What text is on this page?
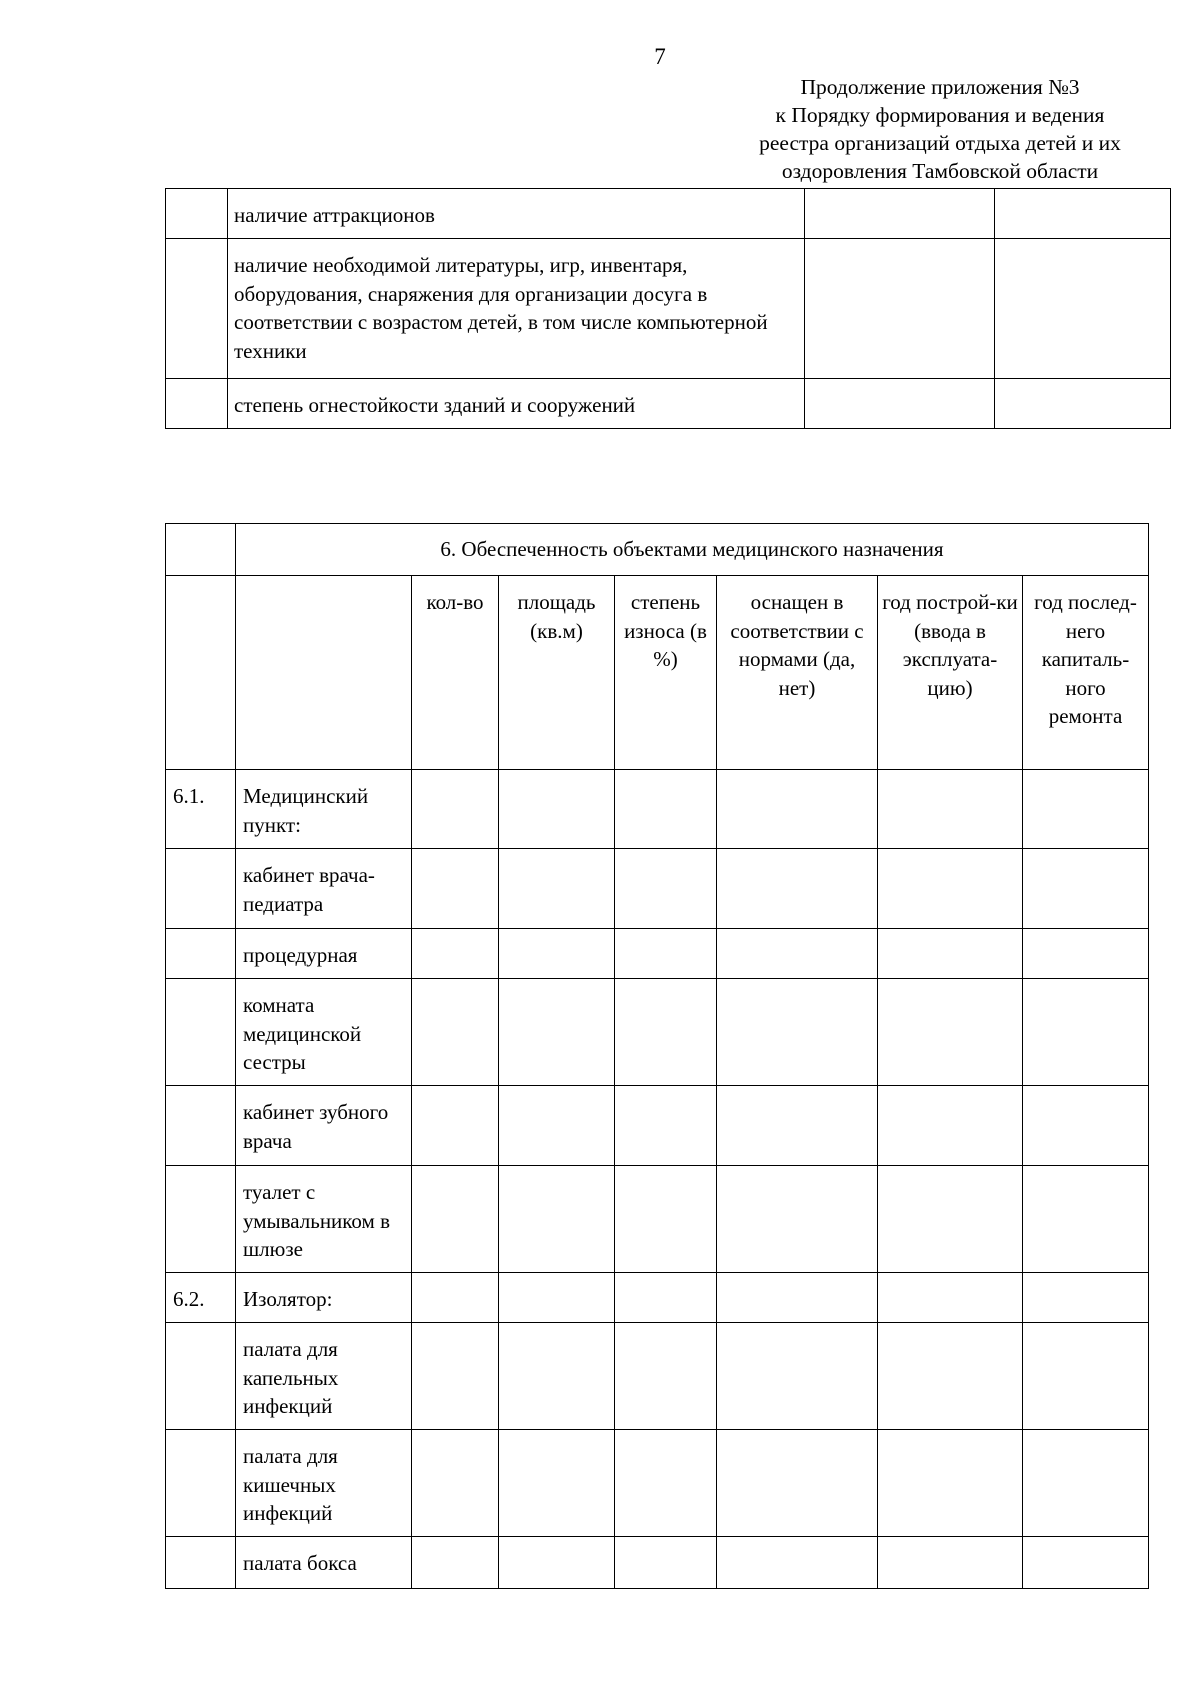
7
Продолжение приложения №3
к Порядку формирования и ведения
реестра организаций отдыха детей и их
оздоровления Тамбовской области
	наличие аттракционов		
	наличие необходимой литературы, игр, инвентаря, оборудования, снаряжения для организации досуга в соответствии с возрастом детей, в том числе компьютерной техники		
	степень огнестойкости зданий и сооружений		
	6. Обеспеченность объектами медицинского назначения						
		кол-во	площадь (кв.м)	степень износа (в %)	оснащен в соответствии с нормами (да, нет)	год построй-ки (ввода в эксплуата-цию)	год послед-него капиталь-ного ремонта
6.1.	Медицинский пункт:						
	кабинет врача-педиатра						
	процедурная						
	комната медицинской сестры						
	кабинет зубного врача						
	туалет с умывальником в шлюзе						
6.2.	Изолятор:						
	палата для капельных инфекций						
	палата для кишечных инфекций						
	палата бокса						
